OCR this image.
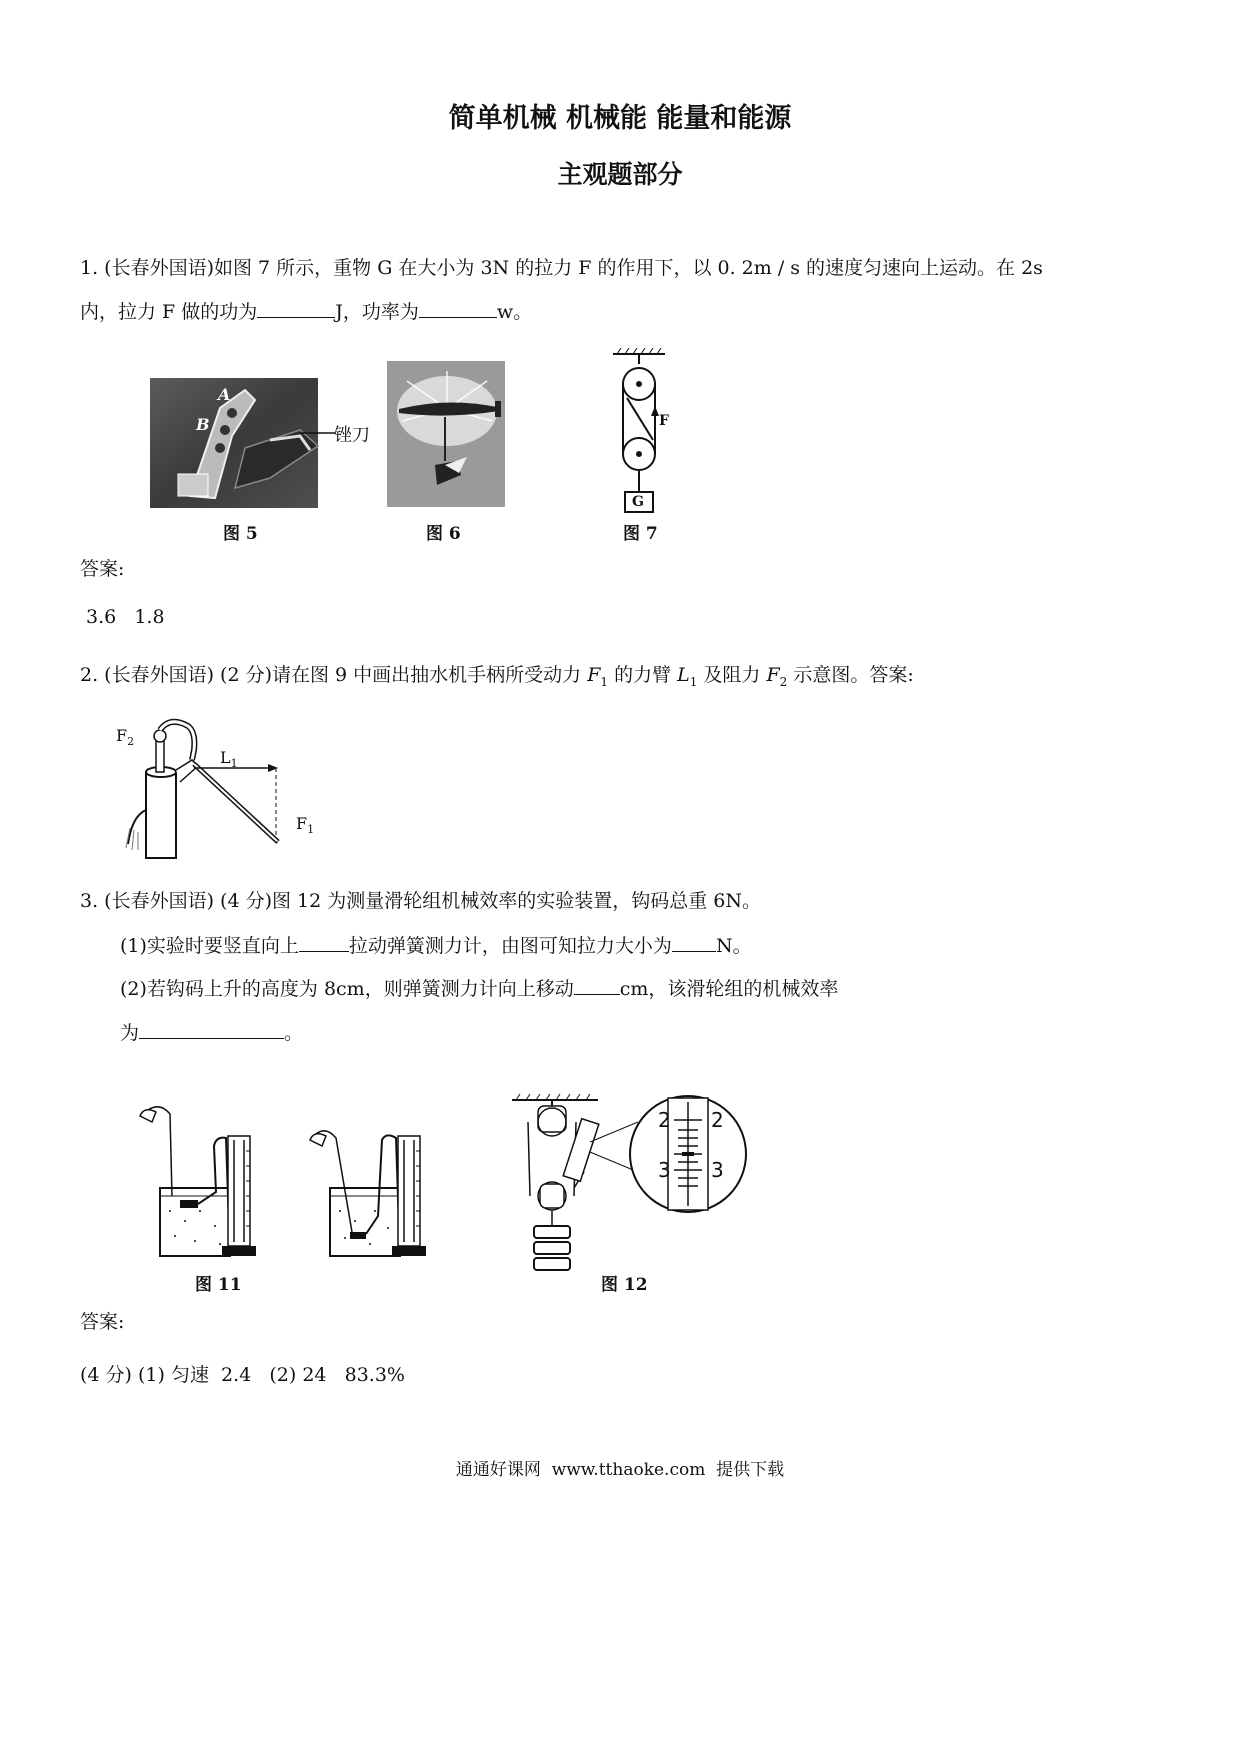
简单机械 机械能 能量和能源
主观题部分
1. (长春外国语)如图 7 所示，重物 G 在大小为 3N 的拉力 F 的作用下，以 0. 2m / s 的速度匀速向上运动。在 2s
内，拉力 F 做的功为	J，功率为	w。
A
B
锉刀
图 5	图 6
F
G
图 7
答案:
3.6   1.8
2. (长春外国语) (2 分)请在图 9 中画出抽水机手柄所受动力 $F_1$ 的力臂 $L_1$ 及阻力 $F_2$ 示意图。答案:
$F_2$
$L_1$
$F_1$
3. (长春外国语) (4 分)图 12 为测量滑轮组机械效率的实验装置，钩码总重 6N。
(1)实验时要竖直向上	拉动弹簧测力计，由图可知拉力大小为 N。
(2)若钩码上升的高度为 8cm，则弹簧测力计向上移动 cm，该滑轮组的机械效率
为	。
图 11
2 2
3 3
图 12
答案:
(4 分) (1) 匀速  2.4   (2) 24   83.3%
通通好课网  www.tthaoke.com  提供下载
